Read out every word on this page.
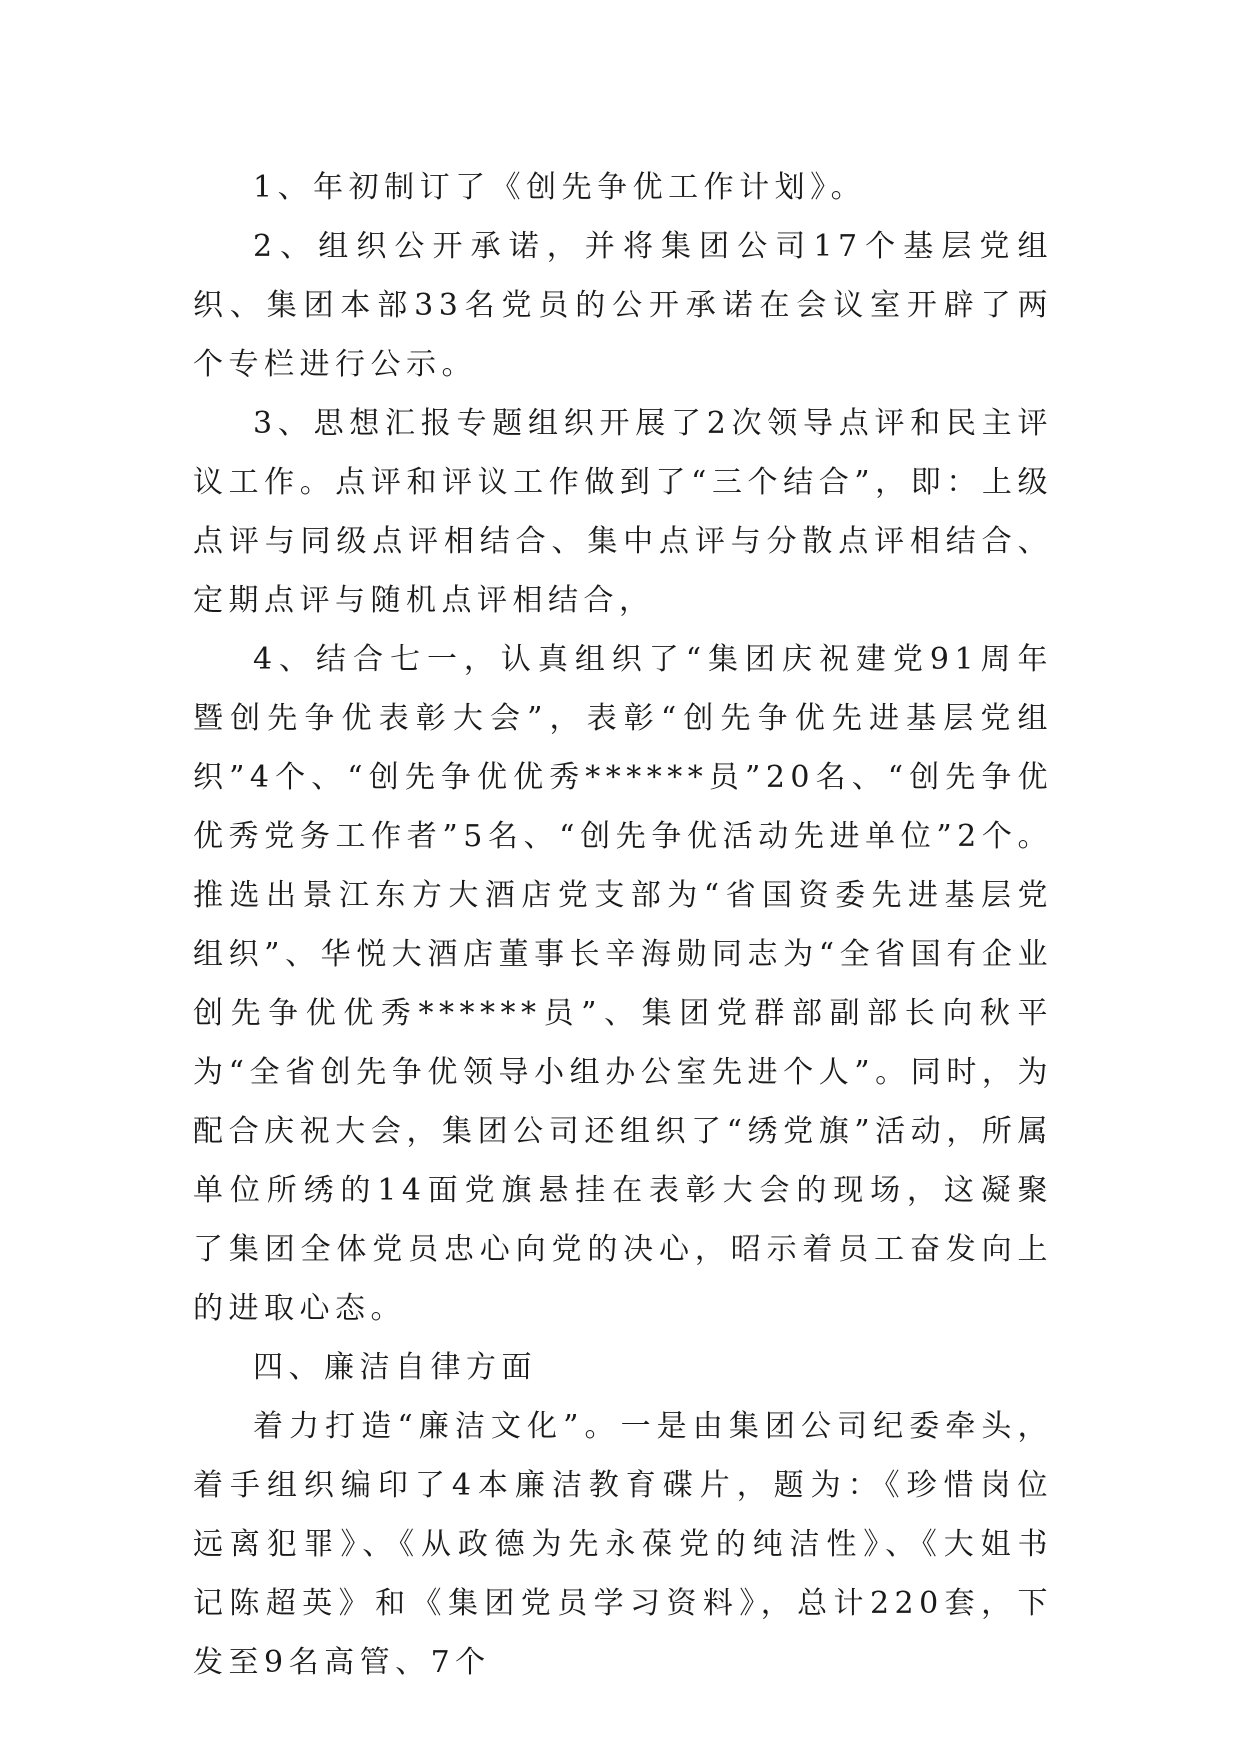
1、年初制订了《创先争优工作计划》。

2、组织公开承诺，并将集团公司17个基层党组织、集团本部33名党员的公开承诺在会议室开辟了两个专栏进行公示。

3、思想汇报专题组织开展了2次领导点评和民主评议工作。点评和评议工作做到了“三个结合”，即：上级点评与同级点评相结合、集中点评与分散点评相结合、定期点评与随机点评相结合，

4、结合七一，认真组织了“集团庆祝建党91周年暨创先争优表彰大会”，表彰“创先争优先进基层党组织”4个、“创先争优优秀******员”20名、“创先争优优秀党务工作者”5名、“创先争优活动先进单位”2个。推选出景江东方大酒店党支部为“省国资委先进基层党组织”、华悦大酒店董事长辛海勋同志为“全省国有企业创先争优优秀******员”、集团党群部副部长向秋平为“全省创先争优领导小组办公室先进个人”。同时，为配合庆祝大会，集团公司还组织了“绣党旗”活动，所属单位所绣的14面党旗悬挂在表彰大会的现场，这凝聚了集团全体党员忠心向党的决心，昭示着员工奋发向上的进取心态。

四、廉洁自律方面

着力打造“廉洁文化”。一是由集团公司纪委牵头，着手组织编印了4本廉洁教育碟片，题为：《珍惜岗位远离犯罪》、《从政德为先永葆党的纯洁性》、《大姐书记陈超英》和《集团党员学习资料》，总计220套，下发至9名高管、7个
